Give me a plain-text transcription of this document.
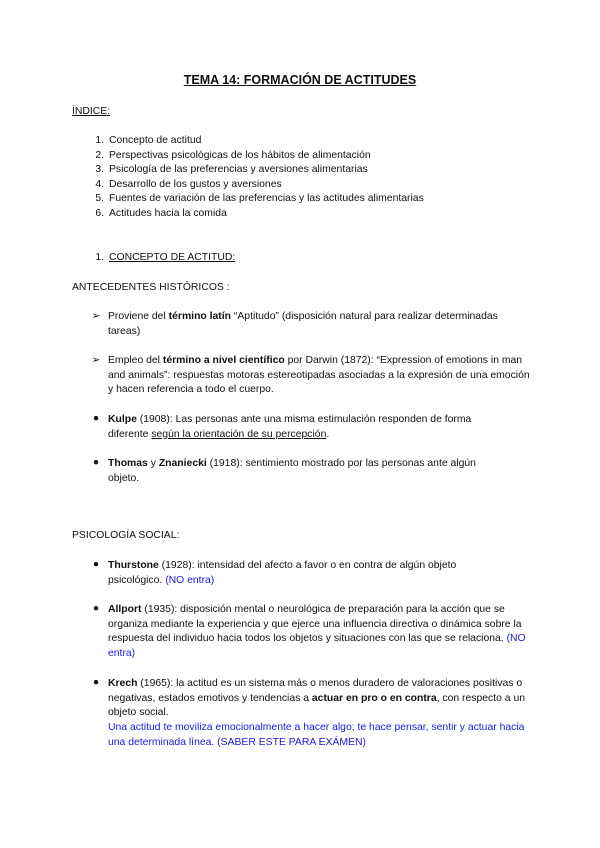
TEMA 14: FORMACIÓN DE ACTITUDES
ÍNDICE:
1. Concepto de actitud
2. Perspectivas psicológicas de los hábitos de alimentación
3. Psicología de las preferencias y aversiones alimentarias
4. Desarrollo de los gustos y aversiones
5. Fuentes de variación de las preferencias y las actitudes alimentarias
6. Actitudes hacia la comida
1. CONCEPTO DE ACTITUD:
ANTECEDENTES HISTÓRICOS :
➢ Proviene del término latín “Aptitudo” (disposición natural para realizar determinadas tareas)
➢ Empleo del término a nivel científico por Darwin (1872): “Expression of emotions in man and animals”: respuestas motoras estereotipadas asociadas a la expresión de una emoción y hacen referencia a todo el cuerpo.
● Kulpe (1908): Las personas ante una misma estimulación responden de forma diferente según la orientación de su percepción.
● Thomas y Znaniecki (1918): sentimiento mostrado por las personas ante algún objeto.
PSICOLOGÍA SOCIAL:
● Thurstone (1928): intensidad del afecto a favor o en contra de algún objeto psicológico. (NO entra)
● Allport (1935): disposición mental o neurológica de preparación para la acción que se organiza mediante la experiencia y que ejerce una influencia directiva o dinámica sobre la respuesta del individuo hacia todos los objetos y situaciones con las que se relaciona. (NO entra)
● Krech (1965): la actitud es un sistema más o menos duradero de valoraciones positivas o negativas, estados emotivos y tendencias a actuar en pro o en contra, con respecto a un objeto social.
Una actitud te moviliza emocionalmente a hacer algo; te hace pensar, sentir y actuar hacia una determinada línea. (SABER ESTE PARA EXÁMEN)
